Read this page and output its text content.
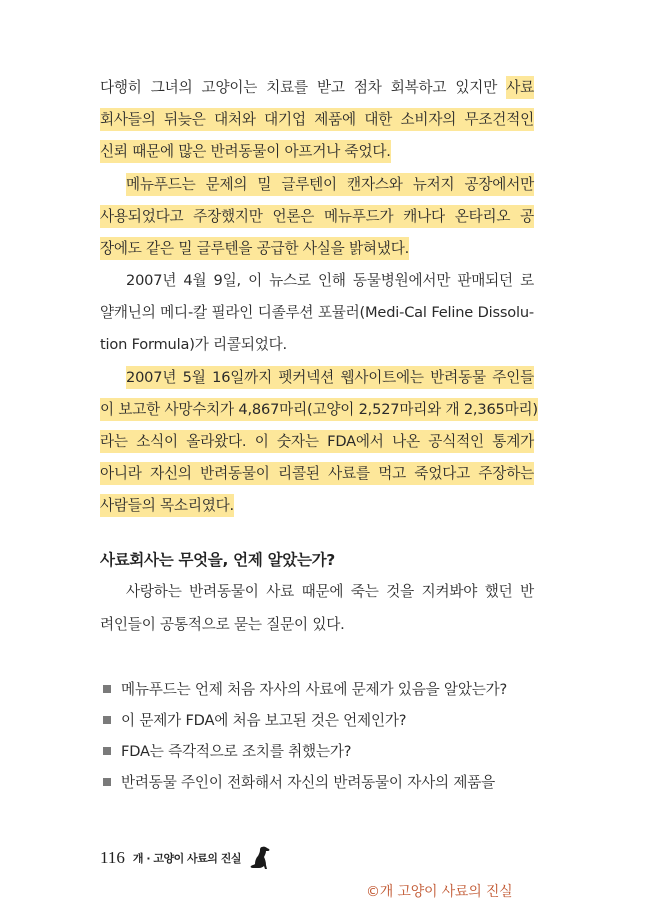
다행히 그녀의 고양이는 치료를 받고 점차 회복하고 있지만 사료
회사들의 뒤늦은 대처와 대기업 제품에 대한 소비자의 무조건적인
신뢰 때문에 많은 반려동물이 아프거나 죽었다.
메뉴푸드는 문제의 밀 글루텐이 캔자스와 뉴저지 공장에서만
사용되었다고 주장했지만 언론은 메뉴푸드가 캐나다 온타리오 공
장에도 같은 밀 글루텐을 공급한 사실을 밝혀냈다.
2007년 4월 9일, 이 뉴스로 인해 동물병원에서만 판매되던 로
얄캐닌의 메디-칼 필라인 디졸루션 포뮬러(Medi-Cal Feline Dissolu-
tion Formula)가 리콜되었다.
2007년 5월 16일까지 펫커넥션 웹사이트에는 반려동물 주인들
이 보고한 사망수치가 4,867마리(고양이 2,527마리와 개 2,365마리)
라는 소식이 올라왔다. 이 숫자는 FDA에서 나온 공식적인 통계가
아니라 자신의 반려동물이 리콜된 사료를 먹고 죽었다고 주장하는
사람들의 목소리였다.
사료회사는 무엇을, 언제 알았는가?
사랑하는 반려동물이 사료 때문에 죽는 것을 지켜봐야 했던 반
려인들이 공통적으로 묻는 질문이 있다.
메뉴푸드는 언제 처음 자사의 사료에 문제가 있음을 알았는가?
이 문제가 FDA에 처음 보고된 것은 언제인가?
FDA는 즉각적으로 조치를 취했는가?
반려동물 주인이 전화해서 자신의 반려동물이 자사의 제품을
116 개 · 고양이 사료의 진실
©개 고양이 사료의 진실
